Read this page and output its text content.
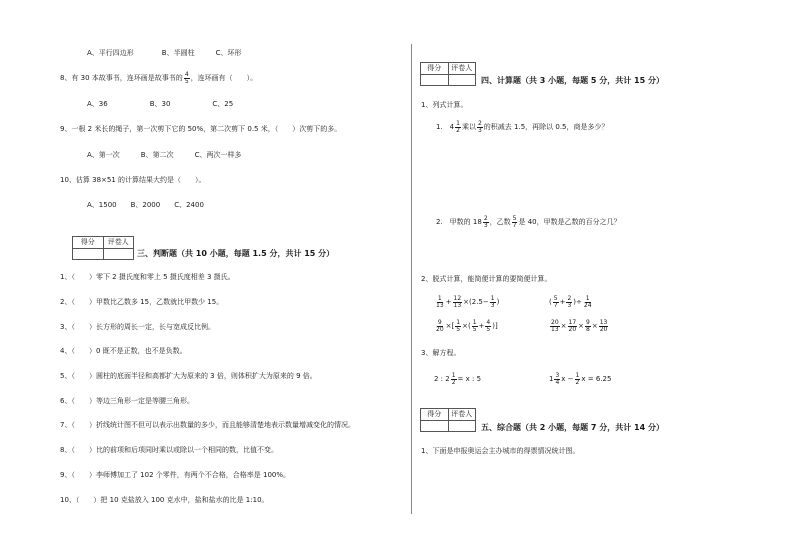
A、平行四边形　　　　B、半圆柱　　　C、环形
8、有 30 本故事书，连环画是故事书的 $\frac{4}{5}$ ，连环画有（　　）。
A、36　　　　　　B、30　　　　　　C、25
9、一根 2 米长的绳子，第一次剪下它的 50%，第二次剪下 0.5 米，（　　）次剪下的多。
A、第一次　　　B、第二次　　　C、两次一样多
10、估算 38×51 的计算结果大约是（　　）。
A、1500　　B、2000　　C、2400
得分	评卷人
三、判断题（共 10 小题，每题 1.5 分，共计 15 分）
1、（　　）零下 2 摄氏度和零上 5 摄氏度相差 3 摄氏。
2、（　　）甲数比乙数多 15，乙数就比甲数少 15。
3、（　　）长方形的周长一定，长与宽成反比例。
4、（　　）0 既不是正数，也不是负数。
5、（　　）圆柱的底面半径和高都扩大为原来的 3 倍，则体积扩大为原来的 9 倍。
6、（　　）等边三角形一定是等腰三角形。
7、（　　）折线统计图不但可以表示出数量的多少，而且能够清楚地表示数量增减变化的情况。
8、（　　）比的前项和后项同时乘以或除以一个相同的数，比值不变。
9、（　　）李师傅加工了 102 个零件，有两个不合格，合格率是 100%。
10、（　　）把 10 克盐放入 100 克水中，盐和盐水的比是 1:10。
得分	评卷人
四、计算题（共 3 小题，每题 5 分，共计 15 分）
1、列式计算。
1.　$4 \frac{1}{2}$ 乘以 $\frac{2}{3}$ 的积减去 1.5，再除以 0.5，商是多少？
2.　甲数的 $18 \frac{2}{3}$ ，乙数 $\frac{5}{7}$ 是 40，甲数是乙数的百分之几？
2、脱式计算，能简便计算的要简便计算。
$\frac{1}{13} + \frac{12}{13} \times(2.5- \frac{1}{3}$ )	( $\frac{5}{7} + \frac{2}{3}$ )÷ $\frac{1}{24}$
$\frac{9}{20}$ ×[ $\frac{1}{5}$ ×( $\frac{1}{5} + \frac{4}{5}$ )]	$\frac{20}{13} \times \frac{17}{20} \times \frac{9}{8} \times \frac{13}{20}$
3、解方程。
2 : $2 \frac{1}{2} = x$ : 5	$1 \frac{3}{4}$ $x - \frac{1}{2}$ x = 6.25
得分	评卷人
五、综合题（共 2 小题，每题 7 分，共计 14 分）
1、下面是申报奥运会主办城市的得票情况统计图。
